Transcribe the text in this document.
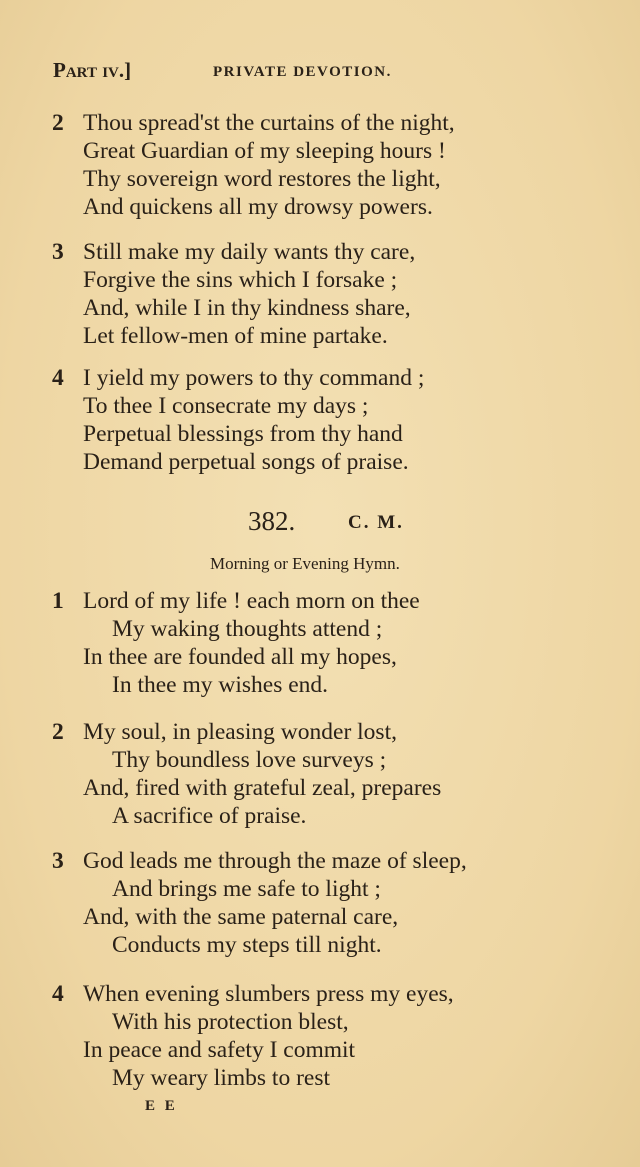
Part iv.]	PRIVATE DEVOTION.
2 Thou spread'st the curtains of the night,
Great Guardian of my sleeping hours !
Thy sovereign word restores the light,
And quickens all my drowsy powers.
3 Still make my daily wants thy care,
Forgive the sins which I forsake ;
And, while I in thy kindness share,
Let fellow-men of mine partake.
4 I yield my powers to thy command ;
To thee I consecrate my days ;
Perpetual blessings from thy hand
Demand perpetual songs of praise.
382.	C. M.
Morning or Evening Hymn.
1 Lord of my life ! each morn on thee
My waking thoughts attend ;
In thee are founded all my hopes,
In thee my wishes end.
2 My soul, in pleasing wonder lost,
Thy boundless love surveys ;
And, fired with grateful zeal, prepares
A sacrifice of praise.
3 God leads me through the maze of sleep,
And brings me safe to light ;
And, with the same paternal care,
Conducts my steps till night.
4 When evening slumbers press my eyes,
With his protection blest,
In peace and safety I commit
My weary limbs to rest
E E
